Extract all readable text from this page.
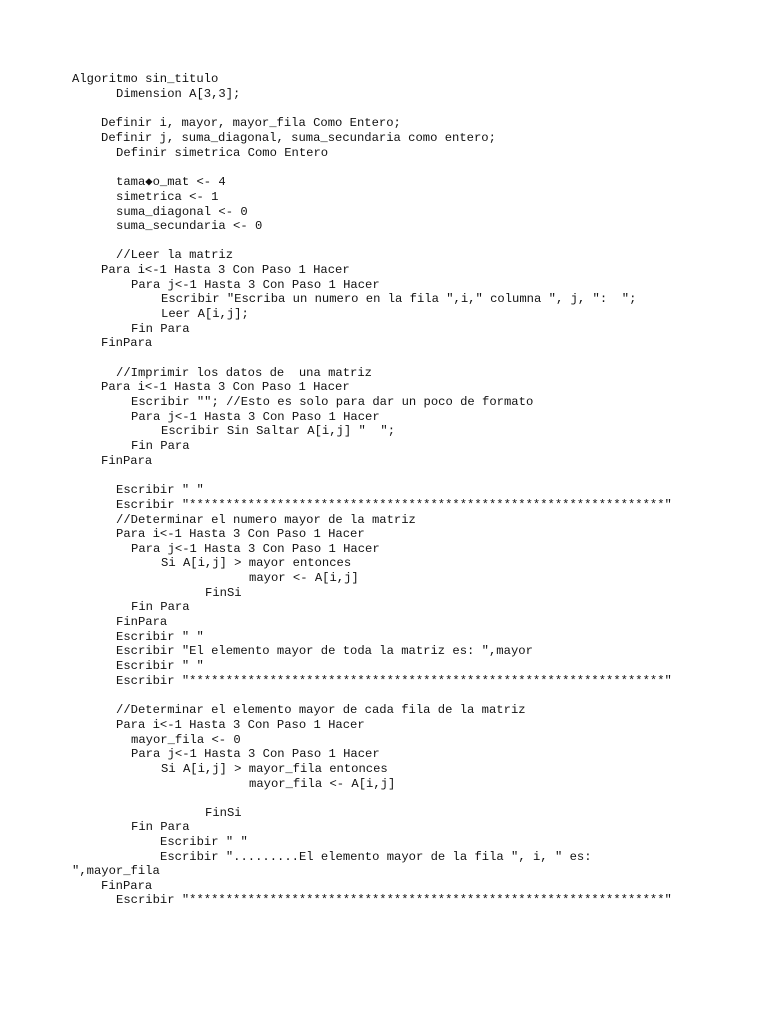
Algoritmo sin_titulo
Dimension A[3,3];
Definir i, mayor, mayor_fila Como Entero;
Definir j, suma_diagonal, suma_secundaria como entero;
Definir simetrica Como Entero
tama◆o_mat <- 4
simetrica <- 1
suma_diagonal <- 0
suma_secundaria <- 0
//Leer la matriz
Para i<-1 Hasta 3 Con Paso 1 Hacer
Para j<-1 Hasta 3 Con Paso 1 Hacer
Escribir "Escriba un numero en la fila ",i," columna ", j, ":  ";
Leer A[i,j];
Fin Para
FinPara
//Imprimir los datos de  una matriz
Para i<-1 Hasta 3 Con Paso 1 Hacer
Escribir ""; //Esto es solo para dar un poco de formato
Para j<-1 Hasta 3 Con Paso 1 Hacer
Escribir Sin Saltar A[i,j] "  ";
Fin Para
FinPara
Escribir " "
Escribir "*****************************************************************"
//Determinar el numero mayor de la matriz
Para i<-1 Hasta 3 Con Paso 1 Hacer
Para j<-1 Hasta 3 Con Paso 1 Hacer
Si A[i,j] > mayor entonces
mayor <- A[i,j]
FinSi
Fin Para
FinPara
Escribir " "
Escribir "El elemento mayor de toda la matriz es: ",mayor
Escribir " "
Escribir "*****************************************************************"
//Determinar el elemento mayor de cada fila de la matriz
Para i<-1 Hasta 3 Con Paso 1 Hacer
mayor_fila <- 0
Para j<-1 Hasta 3 Con Paso 1 Hacer
Si A[i,j] > mayor_fila entonces
mayor_fila <- A[i,j]
FinSi
Fin Para
Escribir " "
Escribir ".........El elemento mayor de la fila ", i, " es:
",mayor_fila
FinPara
Escribir "*****************************************************************"
